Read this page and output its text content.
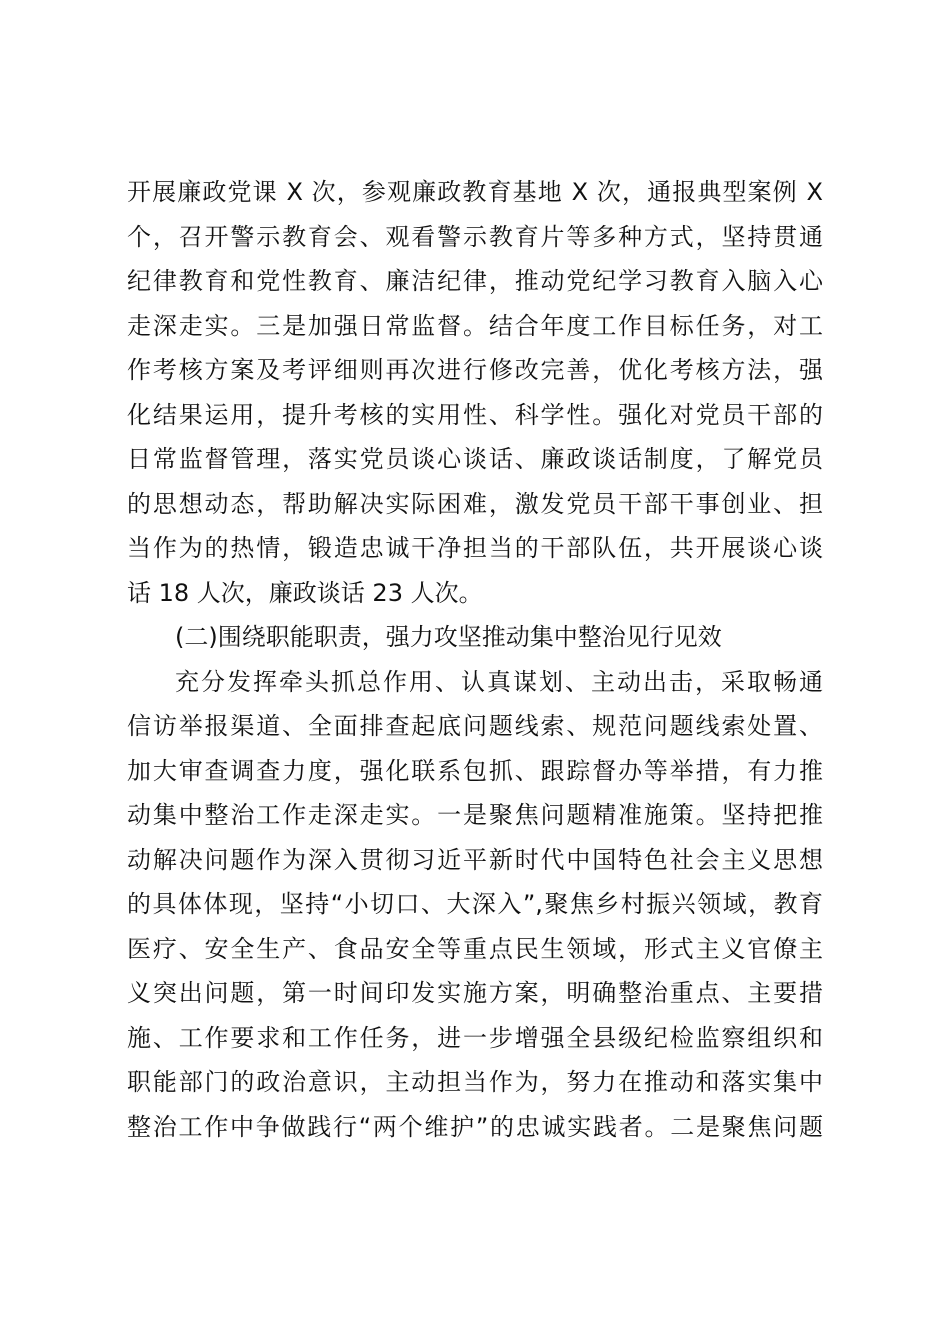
开展廉政党课 X 次，参观廉政教育基地 X 次，通报典型案例 X
个，召开警示教育会、观看警示教育片等多种方式，坚持贯通
纪律教育和党性教育、廉洁纪律，推动党纪学习教育入脑入心
走深走实。三是加强日常监督。结合年度工作目标任务，对工
作考核方案及考评细则再次进行修改完善，优化考核方法，强
化结果运用，提升考核的实用性、科学性。强化对党员干部的
日常监督管理，落实党员谈心谈话、廉政谈话制度，了解党员
的思想动态，帮助解决实际困难，激发党员干部干事创业、担
当作为的热情，锻造忠诚干净担当的干部队伍，共开展谈心谈
话 18 人次，廉政谈话 23 人次。
(二)围绕职能职责，强力攻坚推动集中整治见行见效
充分发挥牵头抓总作用、认真谋划、主动出击，采取畅通
信访举报渠道、全面排查起底问题线索、规范问题线索处置、
加大审查调查力度，强化联系包抓、跟踪督办等举措，有力推
动集中整治工作走深走实。一是聚焦问题精准施策。坚持把推
动解决问题作为深入贯彻习近平新时代中国特色社会主义思想
的具体体现，坚持“小切口、大深入”,聚焦乡村振兴领域，教育
医疗、安全生产、食品安全等重点民生领域，形式主义官僚主
义突出问题，第一时间印发实施方案，明确整治重点、主要措
施、工作要求和工作任务，进一步增强全县级纪检监察组织和
职能部门的政治意识，主动担当作为，努力在推动和落实集中
整治工作中争做践行“两个维护”的忠诚实践者。二是聚焦问题
